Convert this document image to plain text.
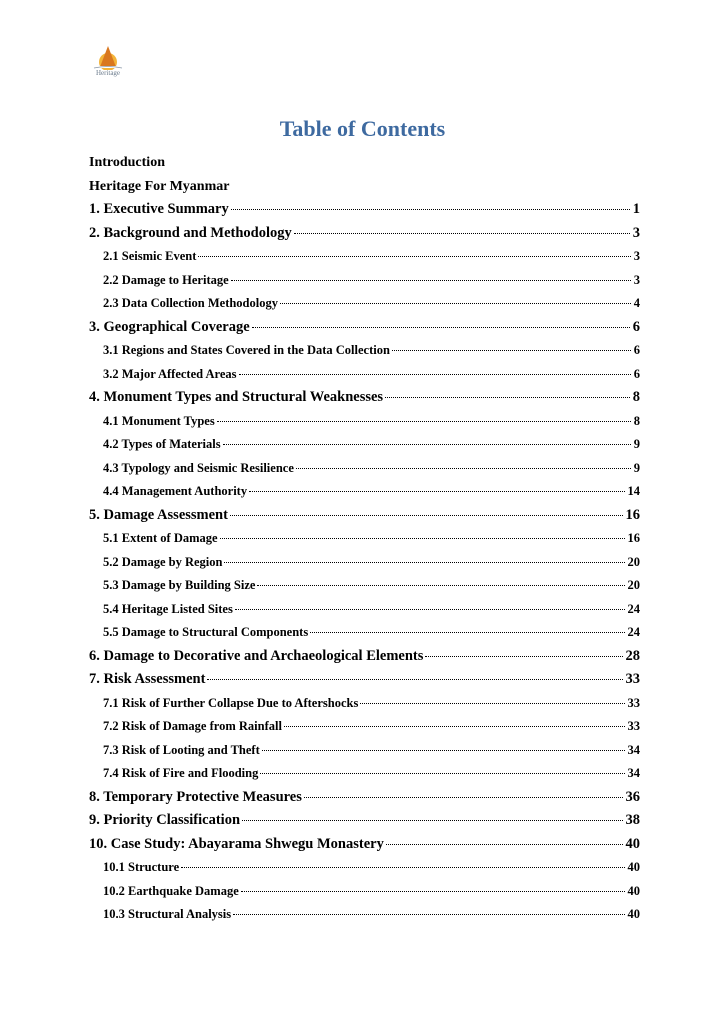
Heritage
Table of Contents
Introduction
Heritage For Myanmar
1. Executive Summary	1
2. Background and Methodology	3
2.1 Seismic Event	3
2.2 Damage to Heritage	3
2.3 Data Collection Methodology	4
3. Geographical Coverage	6
3.1 Regions and States Covered in the Data Collection	6
3.2 Major Affected Areas	6
4. Monument Types and Structural Weaknesses	8
4.1 Monument Types	8
4.2 Types of Materials	9
4.3 Typology and Seismic Resilience	9
4.4 Management Authority	14
5. Damage Assessment	16
5.1 Extent of Damage	16
5.2 Damage by Region	20
5.3 Damage by Building Size	20
5.4 Heritage Listed Sites	24
5.5 Damage to Structural Components	24
6. Damage to Decorative and Archaeological Elements	28
7. Risk Assessment	33
7.1 Risk of Further Collapse Due to Aftershocks	33
7.2 Risk of Damage from Rainfall	33
7.3 Risk of Looting and Theft	34
7.4 Risk of Fire and Flooding	34
8. Temporary Protective Measures	36
9. Priority Classification	38
10. Case Study: Abayarama Shwegu Monastery	40
10.1 Structure	40
10.2 Earthquake Damage	40
10.3 Structural Analysis	40
